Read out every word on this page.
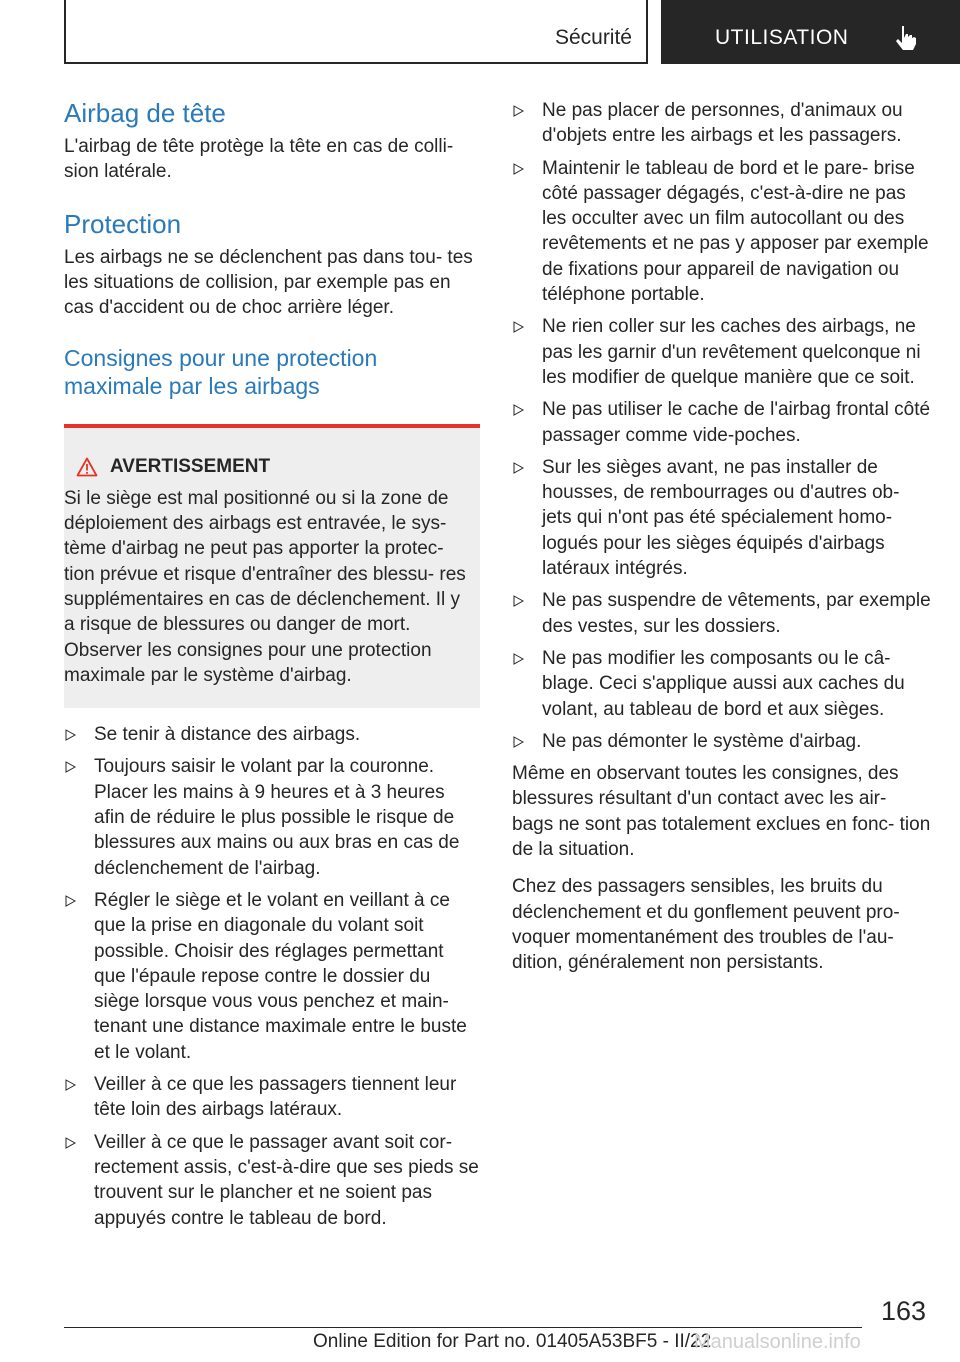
Sécurité	UTILISATION
Airbag de tête

L'airbag de tête protège la tête en cas de colli‐ sion latérale.

Protection

Les airbags ne se déclenchent pas dans tou‐ tes les situations de collision, par exemple pas en cas d'accident ou de choc arrière léger.

Consignes pour une protection maximale par les airbags
AVERTISSEMENT

Si le siège est mal positionné ou si la zone de déploiement des airbags est entravée, le sys‐ tème d'airbag ne peut pas apporter la protec‐ tion prévue et risque d'entraîner des blessu‐ res supplémentaires en cas de déclenchement. Il y a risque de blessures ou danger de mort. Observer les consignes pour une protection maximale par le système d'airbag.

Se tenir à distance des airbags.
Toujours saisir le volant par la couronne. Placer les mains à 9 heures et à 3 heures afin de réduire le plus possible le risque de blessures aux mains ou aux bras en cas de déclenchement de l'airbag.
Régler le siège et le volant en veillant à ce que la prise en diagonale du volant soit possible. Choisir des réglages permettant que l'épaule repose contre le dossier du siège lorsque vous vous penchez et main‐ tenant une distance maximale entre le buste et le volant.
Veiller à ce que les passagers tiennent leur tête loin des airbags latéraux.
Veiller à ce que le passager avant soit cor‐ rectement assis, c'est-à-dire que ses pieds se trouvent sur le plancher et ne soient pas appuyés contre le tableau de bord.
Ne pas placer de personnes, d'animaux ou d'objets entre les airbags et les passagers.
Maintenir le tableau de bord et le pare- brise côté passager dégagés, c'est-à-dire ne pas les occulter avec un film autocollant ou des revêtements et ne pas y apposer par exemple de fixations pour appareil de navigation ou téléphone portable.
Ne rien coller sur les caches des airbags, ne pas les garnir d'un revêtement quelconque ni les modifier de quelque manière que ce soit.
Ne pas utiliser le cache de l'airbag frontal côté passager comme vide-poches.
Sur les sièges avant, ne pas installer de housses, de rembourrages ou d'autres ob‐ jets qui n'ont pas été spécialement homo‐ logués pour les sièges équipés d'airbags latéraux intégrés.
Ne pas suspendre de vêtements, par exemple des vestes, sur les dossiers.
Ne pas modifier les composants ou le câ‐ blage. Ceci s'applique aussi aux caches du volant, au tableau de bord et aux sièges.
Ne pas démonter le système d'airbag.

Même en observant toutes les consignes, des blessures résultant d'un contact avec les air‐ bags ne sont pas totalement exclues en fonc‐ tion de la situation.

Chez des passagers sensibles, les bruits du déclenchement et du gonflement peuvent pro‐ voquer momentanément des troubles de l'au‐ dition, généralement non persistants.

163
Online Edition for Part no. 01405A53BF5 - II/22
Manualsonline.info
